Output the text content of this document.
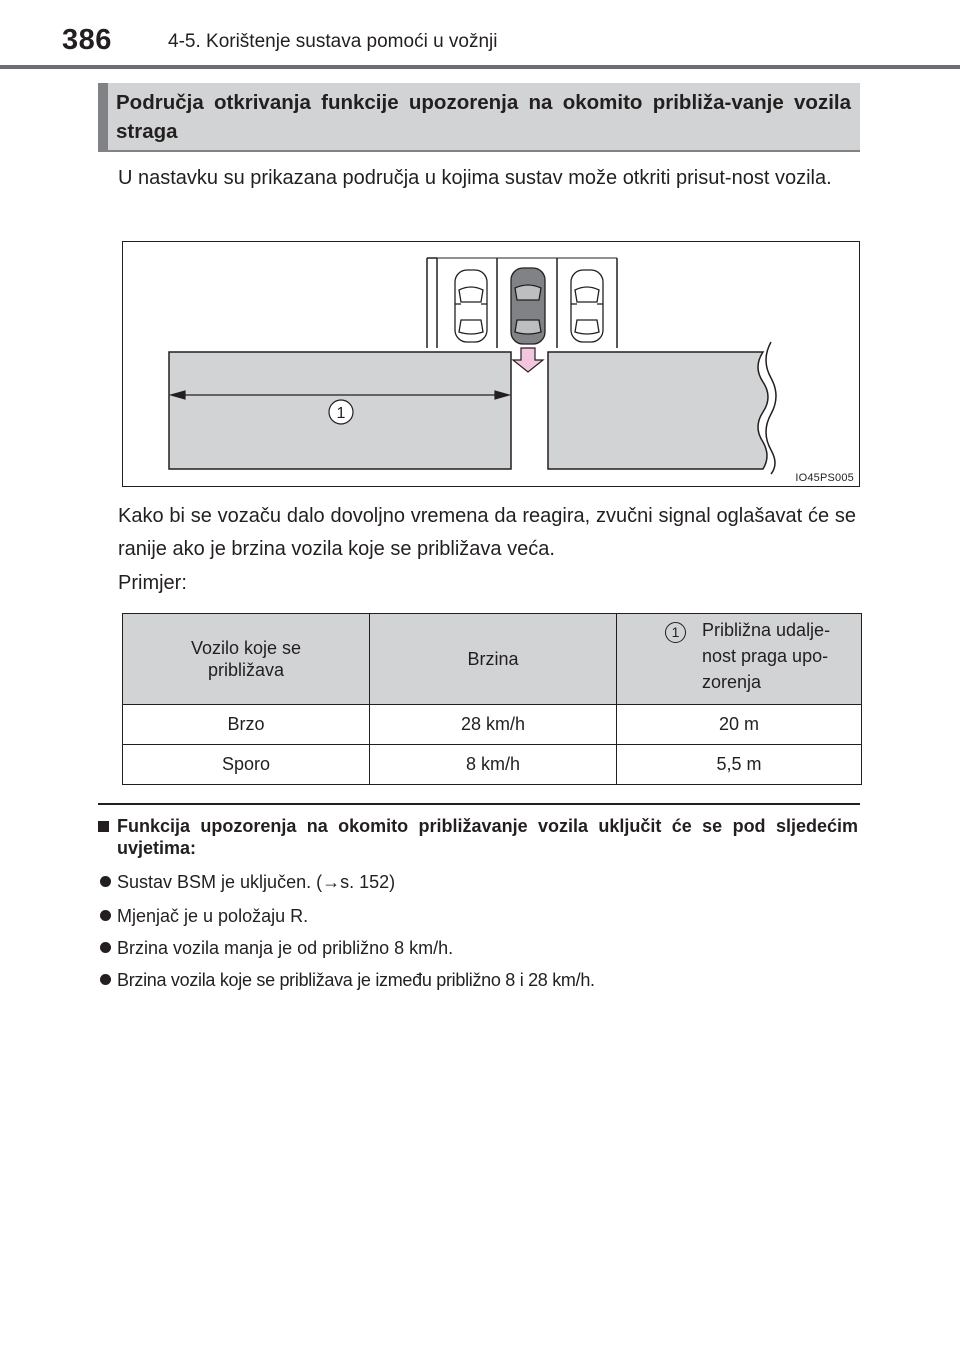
386	4-5. Korištenje sustava pomoći u vožnji
Područja otkrivanja funkcije upozorenja na okomito približa-vanje vozila straga
U nastavku su prikazana područja u kojima sustav može otkriti prisut-nost vozila.
1
IO45PS005
Kako bi se vozaču dalo dovoljno vremena da reagira, zvučni signal oglašavat će se ranije ako je brzina vozila koje se približava veća.
Primjer:
Vozilo koje se približava	Brzina	1 Približna udalje-nost praga upo-zorenja

Brzo	28 km/h	20 m
Sporo	8 km/h	5,5 m
Funkcija upozorenja na okomito približavanje vozila uključit će se pod sljedećim uvjetima:
Sustav BSM je uključen. (→s. 152)
Mjenjač je u položaju R.
Brzina vozila manja je od približno 8 km/h.
Brzina vozila koje se približava je između približno 8 i 28 km/h.
